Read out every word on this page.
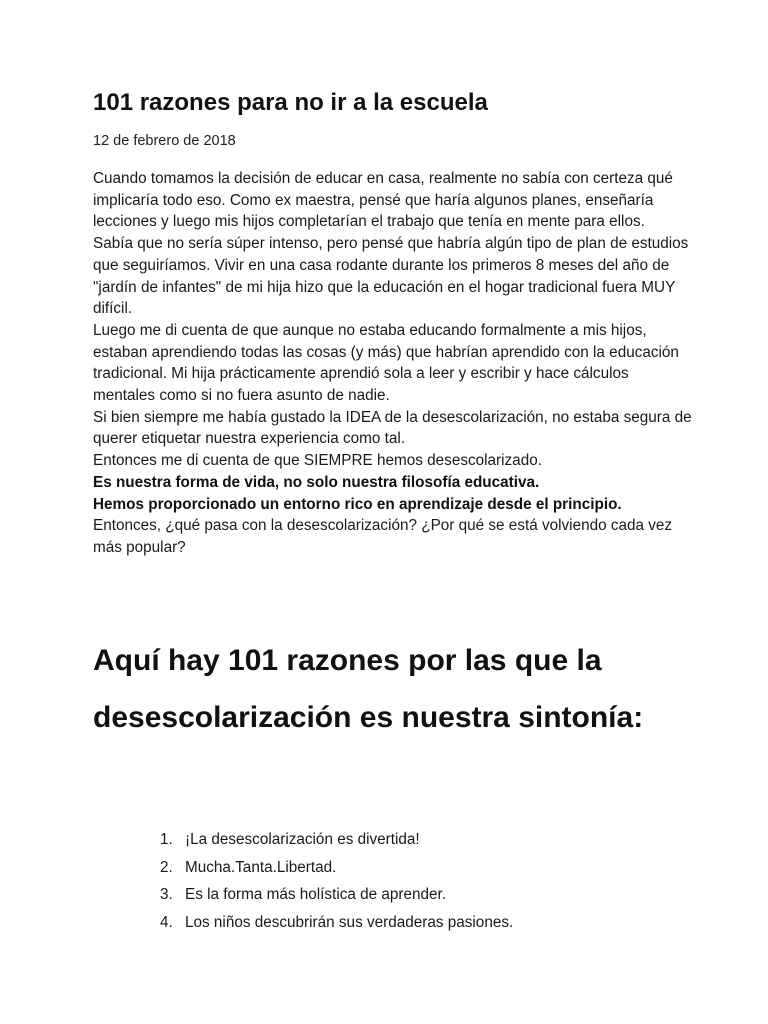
101 razones para no ir a la escuela
12 de febrero de 2018

Cuando tomamos la decisión de educar en casa, realmente no sabía con certeza qué implicaría todo eso. Como ex maestra, pensé que haría algunos planes, enseñaría lecciones y luego mis hijos completarían el trabajo que tenía en mente para ellos.

Sabía que no sería súper intenso, pero pensé que habría algún tipo de plan de estudios que seguiríamos. Vivir en una casa rodante durante los primeros 8 meses del año de "jardín de infantes" de mi hija hizo que la educación en el hogar tradicional fuera MUY difícil.

Luego me di cuenta de que aunque no estaba educando formalmente a mis hijos, estaban aprendiendo todas las cosas (y más) que habrían aprendido con la educación tradicional. Mi hija prácticamente aprendió sola a leer y escribir y hace cálculos mentales como si no fuera asunto de nadie.

Si bien siempre me había gustado la IDEA de la desescolarización, no estaba segura de querer etiquetar nuestra experiencia como tal.

Entonces me di cuenta de que SIEMPRE hemos desescolarizado.

Es nuestra forma de vida, no solo nuestra filosofía educativa.

Hemos proporcionado un entorno rico en aprendizaje desde el principio.

Entonces, ¿qué pasa con la desescolarización? ¿Por qué se está volviendo cada vez más popular?

Aquí hay 101 razones por las que la desescolarización es nuestra sintonía:
1. ¡La desescolarización es divertida!
2. Mucha.Tanta.Libertad.
3. Es la forma más holística de aprender.
4. Los niños descubrirán sus verdaderas pasiones.
